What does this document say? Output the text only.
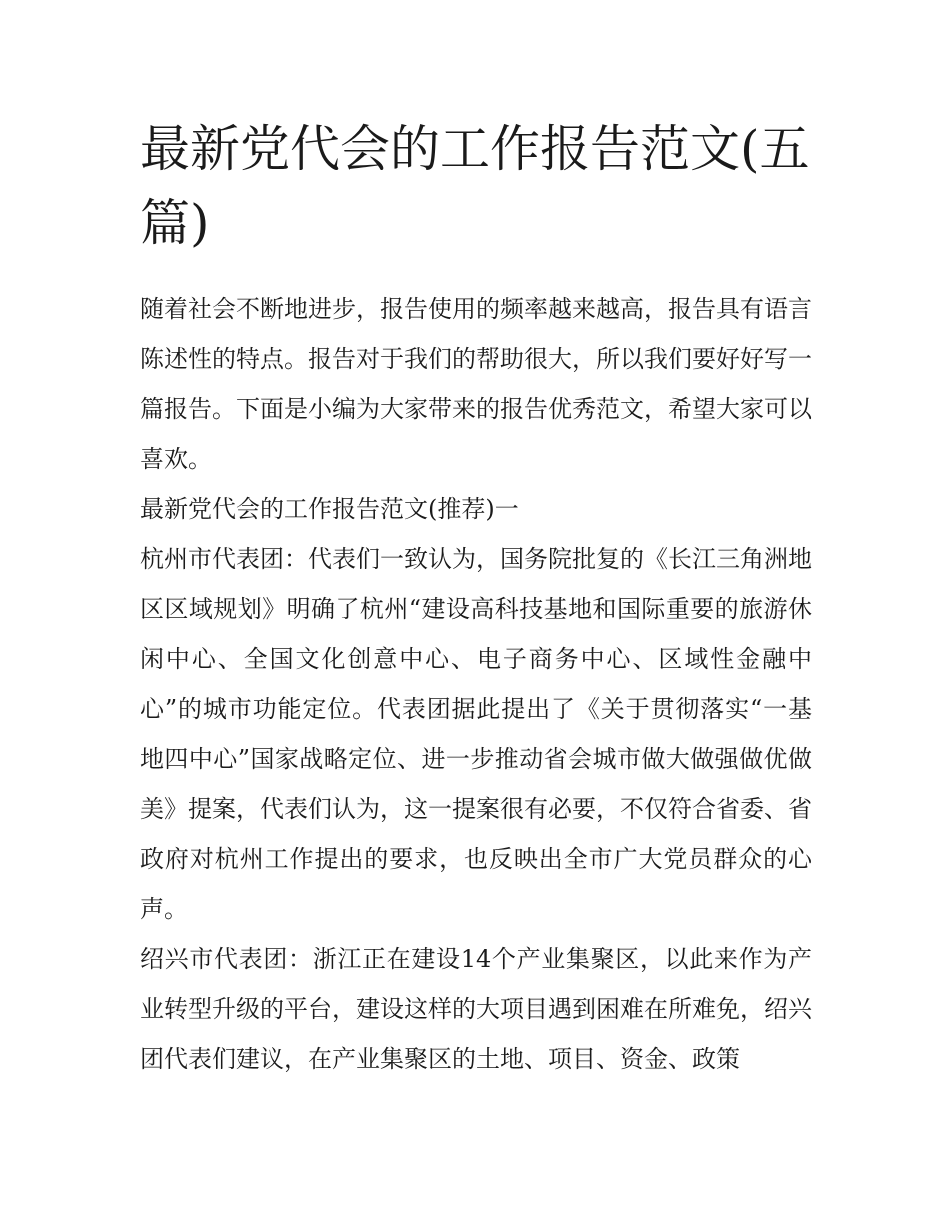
最新党代会的工作报告范文(五篇)

随着社会不断地进步，报告使用的频率越来越高，报告具有语言陈述性的特点。报告对于我们的帮助很大，所以我们要好好写一篇报告。下面是小编为大家带来的报告优秀范文，希望大家可以喜欢。

最新党代会的工作报告范文(推荐)一

杭州市代表团：代表们一致认为，国务院批复的《长江三角洲地区区域规划》明确了杭州“建设高科技基地和国际重要的旅游休闲中心、全国文化创意中心、电子商务中心、区域性金融中心”的城市功能定位。代表团据此提出了《关于贯彻落实“一基地四中心”国家战略定位、进一步推动省会城市做大做强做优做美》提案，代表们认为，这一提案很有必要，不仅符合省委、省政府对杭州工作提出的要求，也反映出全市广大党员群众的心声。

绍兴市代表团：浙江正在建设14个产业集聚区，以此来作为产业转型升级的平台，建设这样的大项目遇到困难在所难免，绍兴团代表们建议，在产业集聚区的土地、项目、资金、政策
